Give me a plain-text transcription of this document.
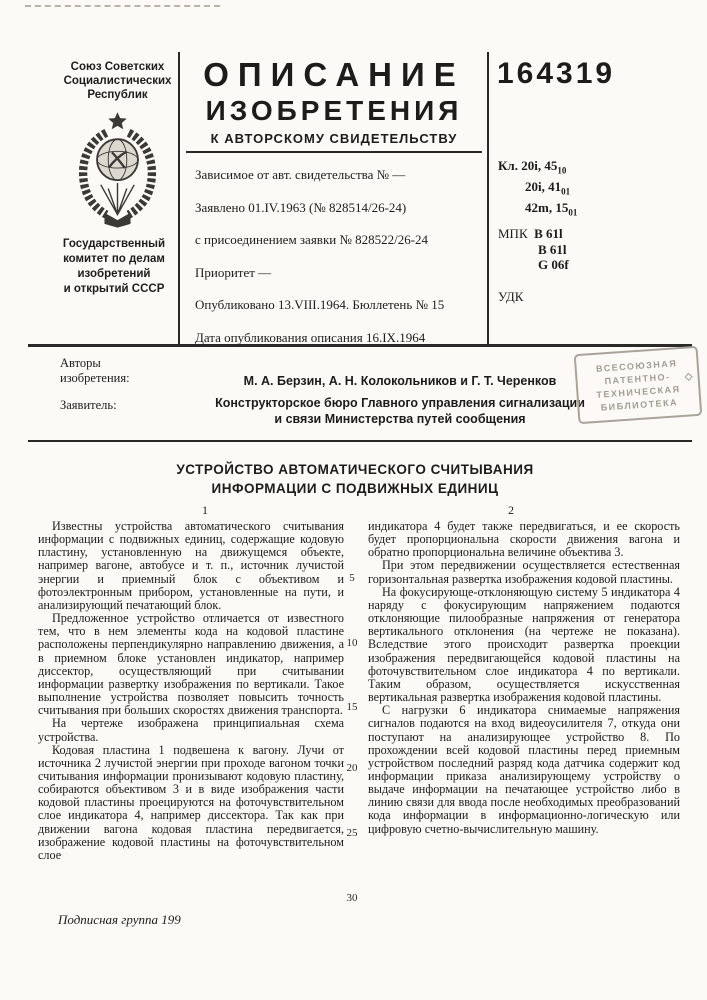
Союз Советских
Социалистических
Республик
Государственный
комитет по делам
изобретений
и открытий СССР
ОПИСАНИЕ
ИЗОБРЕТЕНИЯ
К АВТОРСКОМУ СВИДЕТЕЛЬСТВУ
Зависимое от авт. свидетельства № —
Заявлено 01.IV.1963 (№ 828514/26-24)
с присоединением заявки № 828522/26-24
Приоритет —
Опубликовано 13.VIII.1964. Бюллетень № 15
Дата опубликования описания 16.IX.1964
164319
Кл. 20i, $45_{10}$
20i, $41_{01}$
42m, $15_{01}$
МПК В 61l
В 61l
G 06f
УДК
Авторы
изобретения:	М. А. Берзин, А. Н. Колокольников и Г. Т. Черенков
Заявитель:	Конструкторское бюро Главного управления сигнализации
и связи Министерства путей сообщения
ВСЕСОЮЗНАЯ
ПАТЕНТНО-
ТЕХНИЧЕСКАЯ
БИБЛИОТЕКА
◇
УСТРОЙСТВО АВТОМАТИЧЕСКОГО СЧИТЫВАНИЯ
ИНФОРМАЦИИ С ПОДВИЖНЫХ ЕДИНИЦ
1	2

Известны устройства автоматического считывания информации с подвижных единиц, содержащие кодовую пластину, установленную на движущемся объекте, например вагоне, автобусе и т. п., источник лучистой энергии и приемный блок с объективом и фотоэлектронным прибором, установленные на пути, и анализирующий печатающий блок.

Предложенное устройство отличается от известного тем, что в нем элементы кода на кодовой пластине расположены перпендикулярно направлению движения, а в приемном блоке установлен индикатор, например диссектор, осуществляющий при считывании информации развертку изображения по вертикали. Такое выполнение устройства позволяет повысить точность считывания при больших скоростях движения транспорта.

На чертеже изображена принципиальная схема устройства.

Кодовая пластина 1 подвешена к вагону. Лучи от источника 2 лучистой энергии при проходе вагоном точки считывания информации пронизывают кодовую пластину, собираются объективом 3 и в виде изображения части кодовой пластины проецируются на фоточувствительном слое индикатора 4, например диссектора. Так как при движении вагона кодовая пластина передвигается, изображение кодовой пластины на фоточувствительном слое

индикатора 4 будет также передвигаться, и ее скорость будет пропорциональна скорости движения вагона и обратно пропорциональна величине объектива 3.

При этом передвижении осуществляется естественная горизонтальная развертка изображения кодовой пластины.

На фокусирующе-отклоняющую систему 5 индикатора 4 наряду с фокусирующим напряжением подаются отклоняющие пилообразные напряжения от генератора вертикального отклонения (на чертеже не показана). Вследствие этого происходит развертка проекции изображения передвигающейся кодовой пластины на фоточувствительном слое индикатора 4 по вертикали. Таким образом, осуществляется искусственная вертикальная развертка изображения кодовой пластины.

С нагрузки 6 индикатора снимаемые напряжения сигналов подаются на вход видеоусилителя 7, откуда они поступают на анализирующее устройство 8. По прохождении всей кодовой пластины перед приемным устройством последний разряд кода датчика содержит код информации приказа анализирующему устройству о выдаче информации на печатающее устройство либо в линию связи для ввода после необходимых преобразований кода информации в информационно-логическую или цифровую счетно-вычислительную машину.

5
10
15
20
25
30
Подписная группа 199
